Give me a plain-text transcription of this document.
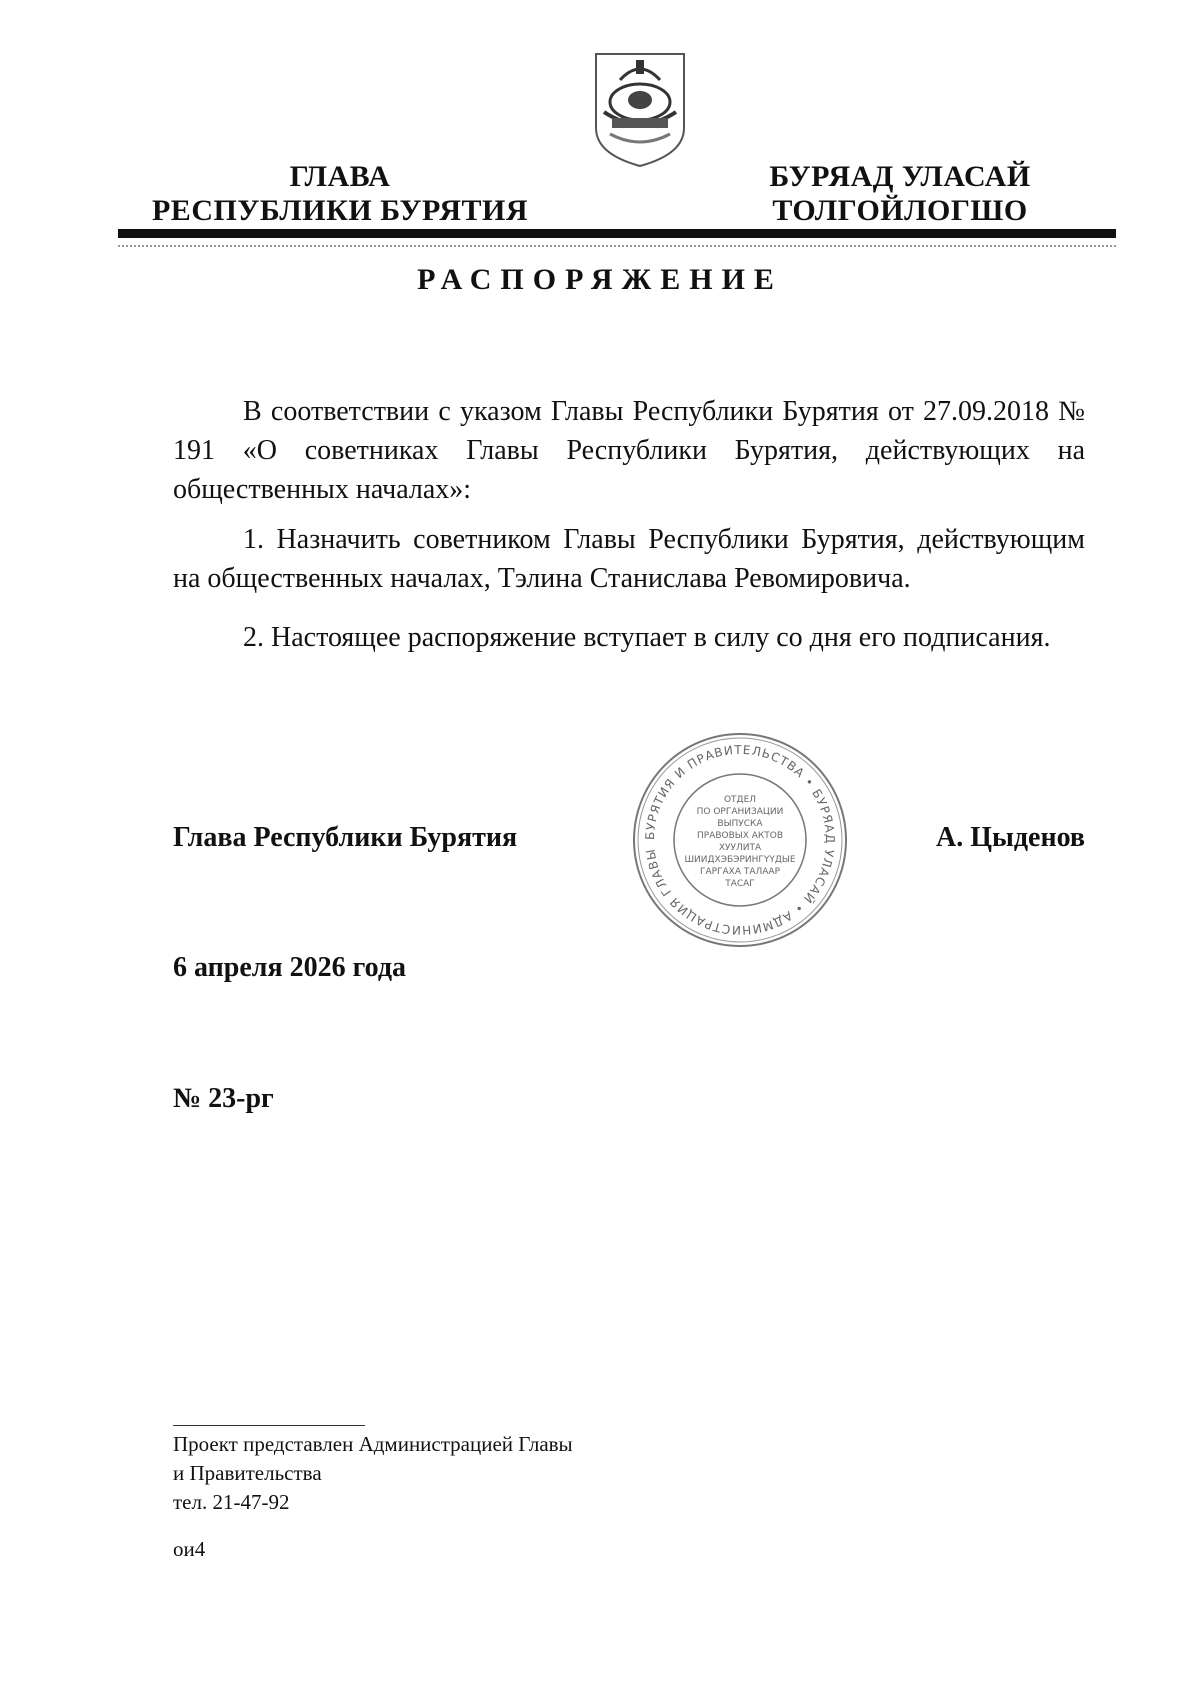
ГЛАВА
РЕСПУБЛИКИ БУРЯТИЯ
БУРЯАД УЛАСАЙ
ТОЛГОЙЛОГШО
РАСПОРЯЖЕНИЕ
В соответствии с указом Главы Республики Бурятия от 27.09.2018 № 191 «О советниках Главы Республики Бурятия, действующих на общественных началах»:
1. Назначить советником Главы Республики Бурятия, действующим на общественных началах, Тэлина Станислава Ревомировича.
2. Настоящее распоряжение вступает в силу со дня его подписания.
Глава Республики Бурятия	А. Цыденов
БУРЯТИЯ И ПРАВИТЕЛЬСТВА • БУРЯАД УЛАСАЙ • АДМИНИСТРАЦИЯ ГЛАВЫ
ОТДЕЛ
ПО ОРГАНИЗАЦИИ
ВЫПУСКА
ПРАВОВЫХ АКТОВ
ХУУЛИТА
ШИИДХЭБЭРИНГҮҮДЫЕ
ГАРГАХА ТАЛААР
ТАСАГ
6 апреля 2026 года
№ 23-рг
Проект представлен Администрацией Главы
и Правительства
тел. 21-47-92
ои4
